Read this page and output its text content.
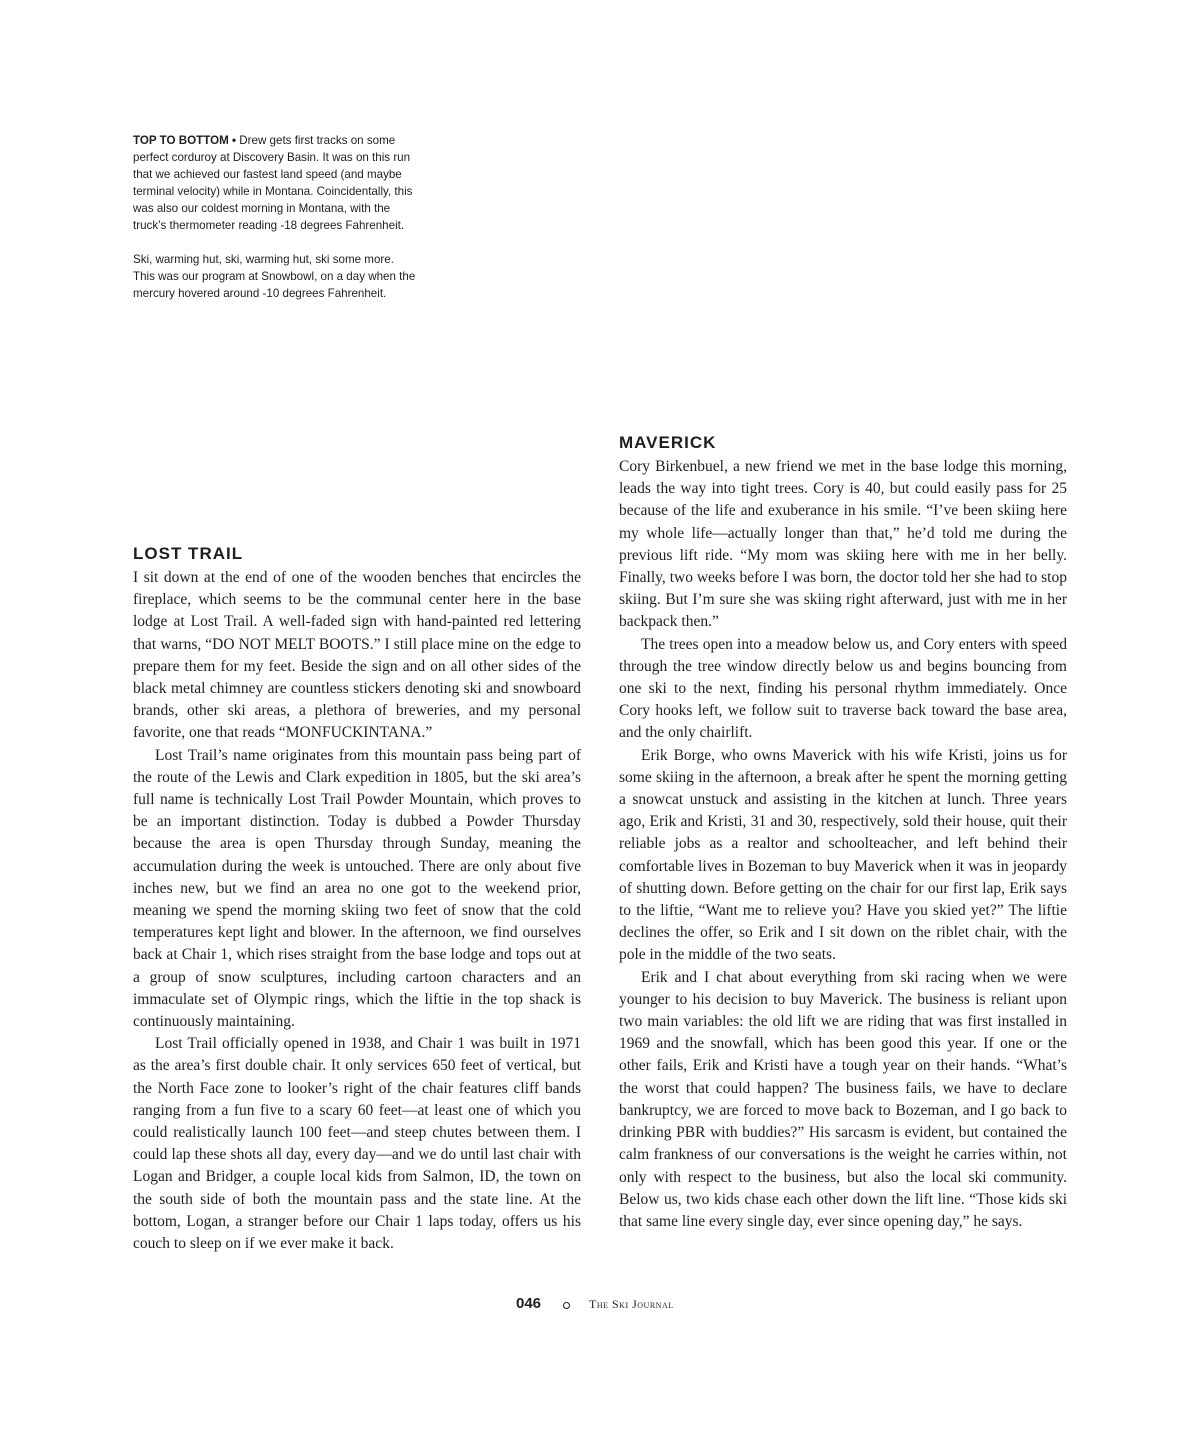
TOP TO BOTTOM • Drew gets first tracks on some perfect corduroy at Discovery Basin. It was on this run that we achieved our fastest land speed (and maybe terminal velocity) while in Montana. Coincidentally, this was also our coldest morning in Montana, with the truck’s thermometer reading -18 degrees Fahrenheit.

Ski, warming hut, ski, warming hut, ski some more. This was our program at Snowbowl, on a day when the mercury hovered around -10 degrees Fahrenheit.

LOST TRAIL

I sit down at the end of one of the wooden benches that encircles the fireplace, which seems to be the communal center here in the base lodge at Lost Trail. A well-faded sign with hand-painted red lettering that warns, “DO NOT MELT BOOTS.” I still place mine on the edge to prepare them for my feet. Beside the sign and on all other sides of the black metal chimney are countless stickers denoting ski and snowboard brands, other ski areas, a plethora of breweries, and my personal favorite, one that reads “MONFUCKINTANA.”

Lost Trail’s name originates from this mountain pass being part of the route of the Lewis and Clark expedition in 1805, but the ski area’s full name is technically Lost Trail Powder Mountain, which proves to be an important distinction. Today is dubbed a Powder Thursday because the area is open Thursday through Sunday, meaning the accumulation during the week is untouched. There are only about five inches new, but we find an area no one got to the weekend prior, meaning we spend the morning skiing two feet of snow that the cold temperatures kept light and blower. In the afternoon, we find ourselves back at Chair 1, which rises straight from the base lodge and tops out at a group of snow sculptures, including cartoon characters and an immaculate set of Olympic rings, which the liftie in the top shack is continuously maintaining.

Lost Trail officially opened in 1938, and Chair 1 was built in 1971 as the area’s first double chair. It only services 650 feet of vertical, but the North Face zone to looker’s right of the chair features cliff bands ranging from a fun five to a scary 60 feet—at least one of which you could realistically launch 100 feet—and steep chutes between them. I could lap these shots all day, every day—and we do until last chair with Logan and Bridger, a couple local kids from Salmon, ID, the town on the south side of both the mountain pass and the state line. At the bottom, Logan, a stranger before our Chair 1 laps today, offers us his couch to sleep on if we ever make it back.

MAVERICK

Cory Birkenbuel, a new friend we met in the base lodge this morning, leads the way into tight trees. Cory is 40, but could easily pass for 25 because of the life and exuberance in his smile. “I’ve been skiing here my whole life—actually longer than that,” he’d told me during the previous lift ride. “My mom was skiing here with me in her belly. Finally, two weeks before I was born, the doctor told her she had to stop skiing. But I’m sure she was skiing right afterward, just with me in her backpack then.”

The trees open into a meadow below us, and Cory enters with speed through the tree window directly below us and begins bouncing from one ski to the next, finding his personal rhythm immediately. Once Cory hooks left, we follow suit to traverse back toward the base area, and the only chairlift.

Erik Borge, who owns Maverick with his wife Kristi, joins us for some skiing in the afternoon, a break after he spent the morning getting a snowcat unstuck and assisting in the kitchen at lunch. Three years ago, Erik and Kristi, 31 and 30, respectively, sold their house, quit their reliable jobs as a realtor and schoolteacher, and left behind their comfortable lives in Bozeman to buy Maverick when it was in jeopardy of shutting down. Before getting on the chair for our first lap, Erik says to the liftie, “Want me to relieve you? Have you skied yet?” The liftie declines the offer, so Erik and I sit down on the riblet chair, with the pole in the middle of the two seats.

Erik and I chat about everything from ski racing when we were younger to his decision to buy Maverick. The business is reliant upon two main variables: the old lift we are riding that was first installed in 1969 and the snowfall, which has been good this year. If one or the other fails, Erik and Kristi have a tough year on their hands. “What’s the worst that could happen? The business fails, we have to declare bankruptcy, we are forced to move back to Bozeman, and I go back to drinking PBR with buddies?” His sarcasm is evident, but contained the calm frankness of our conversations is the weight he carries within, not only with respect to the business, but also the local ski community. Below us, two kids chase each other down the lift line. “Those kids ski that same line every single day, ever since opening day,” he says.

046	The Ski Journal
